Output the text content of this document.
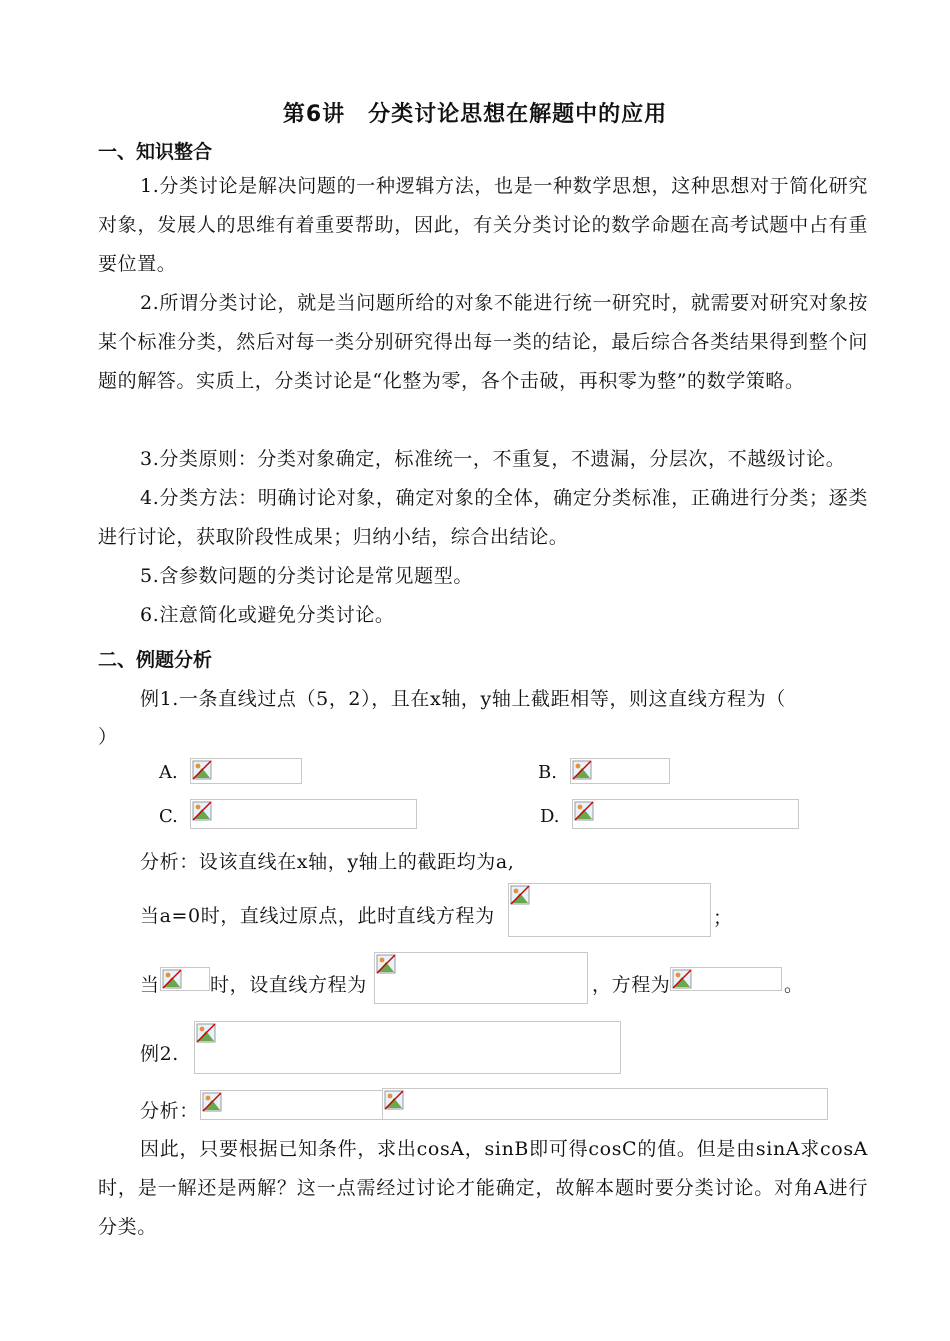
第6讲　分类讨论思想在解题中的应用
一、知识整合
1.分类讨论是解决问题的一种逻辑方法，也是一种数学思想，这种思想对于简化研究对象，发展人的思维有着重要帮助，因此，有关分类讨论的数学命题在高考试题中占有重要位置。
2.所谓分类讨论，就是当问题所给的对象不能进行统一研究时，就需要对研究对象按某个标准分类，然后对每一类分别研究得出每一类的结论，最后综合各类结果得到整个问题的解答。实质上，分类讨论是“化整为零，各个击破，再积零为整”的数学策略。
3.分类原则：分类对象确定，标准统一，不重复，不遗漏，分层次，不越级讨论。
4.分类方法：明确讨论对象，确定对象的全体，确定分类标准，正确进行分类；逐类进行讨论，获取阶段性成果；归纳小结，综合出结论。
5.含参数问题的分类讨论是常见题型。
6.注意简化或避免分类讨论。
二、例题分析
例1.一条直线过点（5，2），且在x轴，y轴上截距相等，则这直线方程为（
）
A.	B.
C.	D.
分析：设该直线在x轴，y轴上的截距均为a,
当a=0时，直线过原点，此时直线方程为	；
当	时，设直线方程为	，方程为	。
例2.
分析：
因此，只要根据已知条件，求出cosA，sinB即可得cosC的值。但是由sinA求cosA时，是一解还是两解？这一点需经过讨论才能确定，故解本题时要分类讨论。对角A进行分类。
